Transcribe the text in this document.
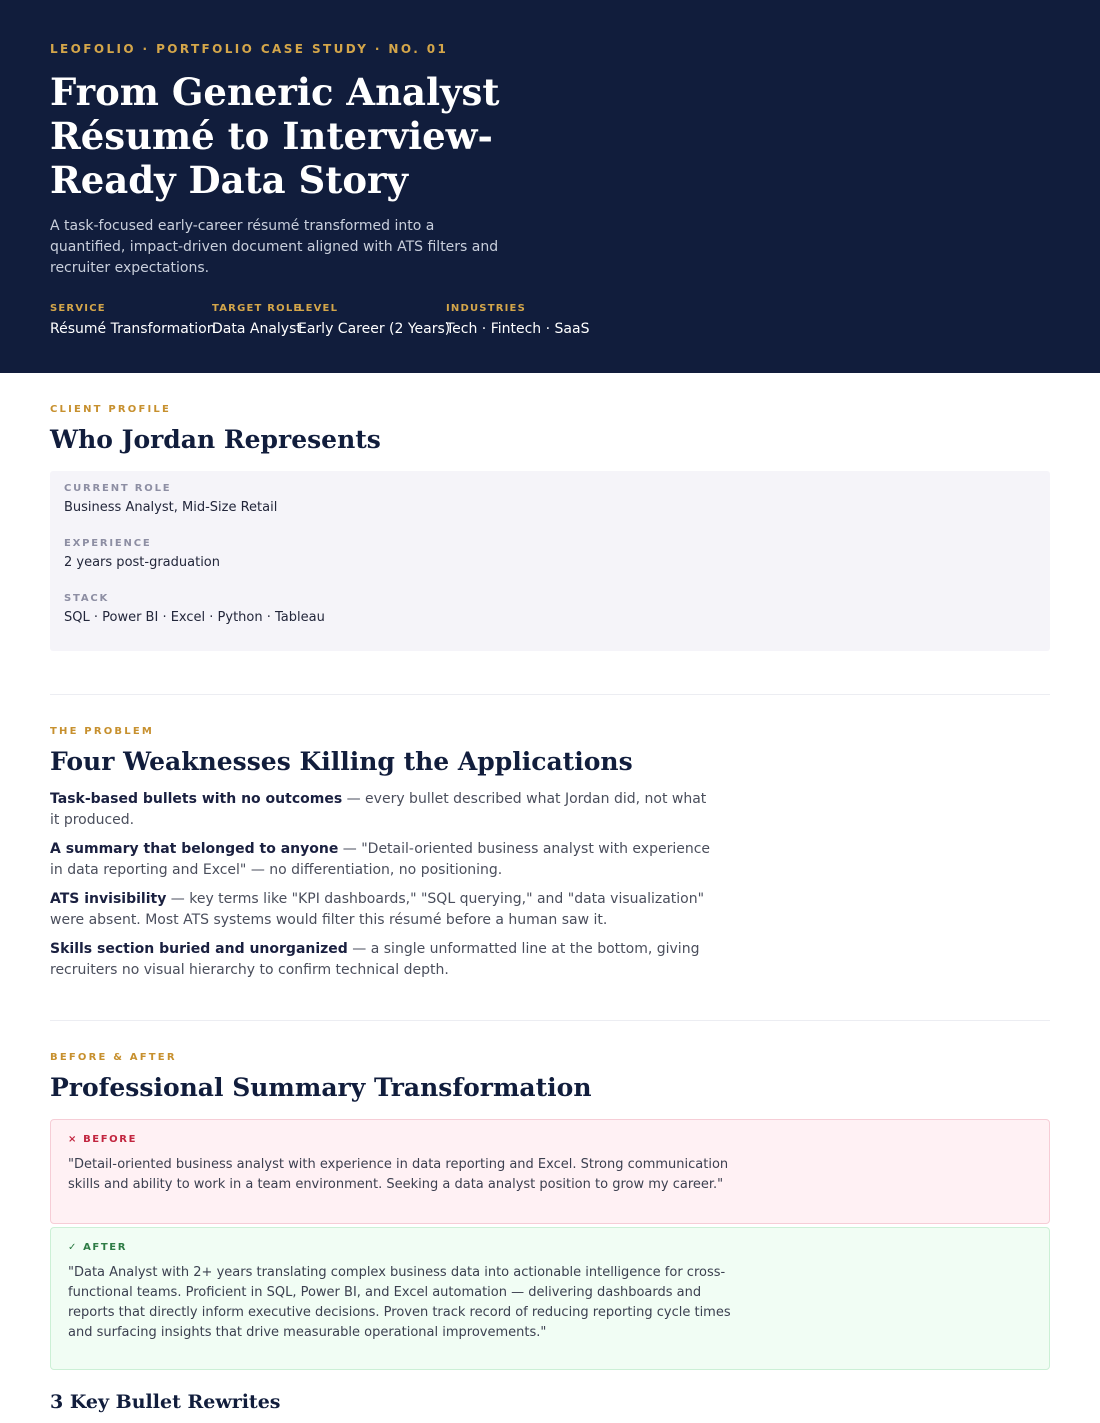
LEOFOLIO · PORTFOLIO CASE STUDY · NO. 01
From Generic Analyst Résumé to Interview-Ready Data Story

A task-focused early-career résumé transformed into a quantified, impact-driven document aligned with ATS filters and recruiter expectations.

SERVICE
Résumé Transformation
TARGET ROLE
Data Analyst
LEVEL
Early Career (2 Years)
INDUSTRIES
Tech · Fintech · SaaS
CLIENT PROFILE
Who Jordan Represents
CURRENT ROLE
Business Analyst, Mid-Size Retail
EXPERIENCE
2 years post-graduation
STACK
SQL · Power BI · Excel · Python · Tableau
THE PROBLEM
Four Weaknesses Killing the Applications

Task-based bullets with no outcomes — every bullet described what Jordan did, not what it produced.

A summary that belonged to anyone — "Detail-oriented business analyst with experience in data reporting and Excel" — no differentiation, no positioning.

ATS invisibility — key terms like "KPI dashboards," "SQL querying," and "data visualization" were absent. Most ATS systems would filter this résumé before a human saw it.

Skills section buried and unorganized — a single unformatted line at the bottom, giving recruiters no visual hierarchy to confirm technical depth.

BEFORE & AFTER
Professional Summary Transformation
× BEFORE

"Detail-oriented business analyst with experience in data reporting and Excel. Strong communication skills and ability to work in a team environment. Seeking a data analyst position to grow my career."

✓ AFTER

"Data Analyst with 2+ years translating complex business data into actionable intelligence for cross-functional teams. Proficient in SQL, Power BI, and Excel automation — delivering dashboards and reports that directly inform executive decisions. Proven track record of reducing reporting cycle times and surfacing insights that drive measurable operational improvements."

3 Key Bullet Rewrites
